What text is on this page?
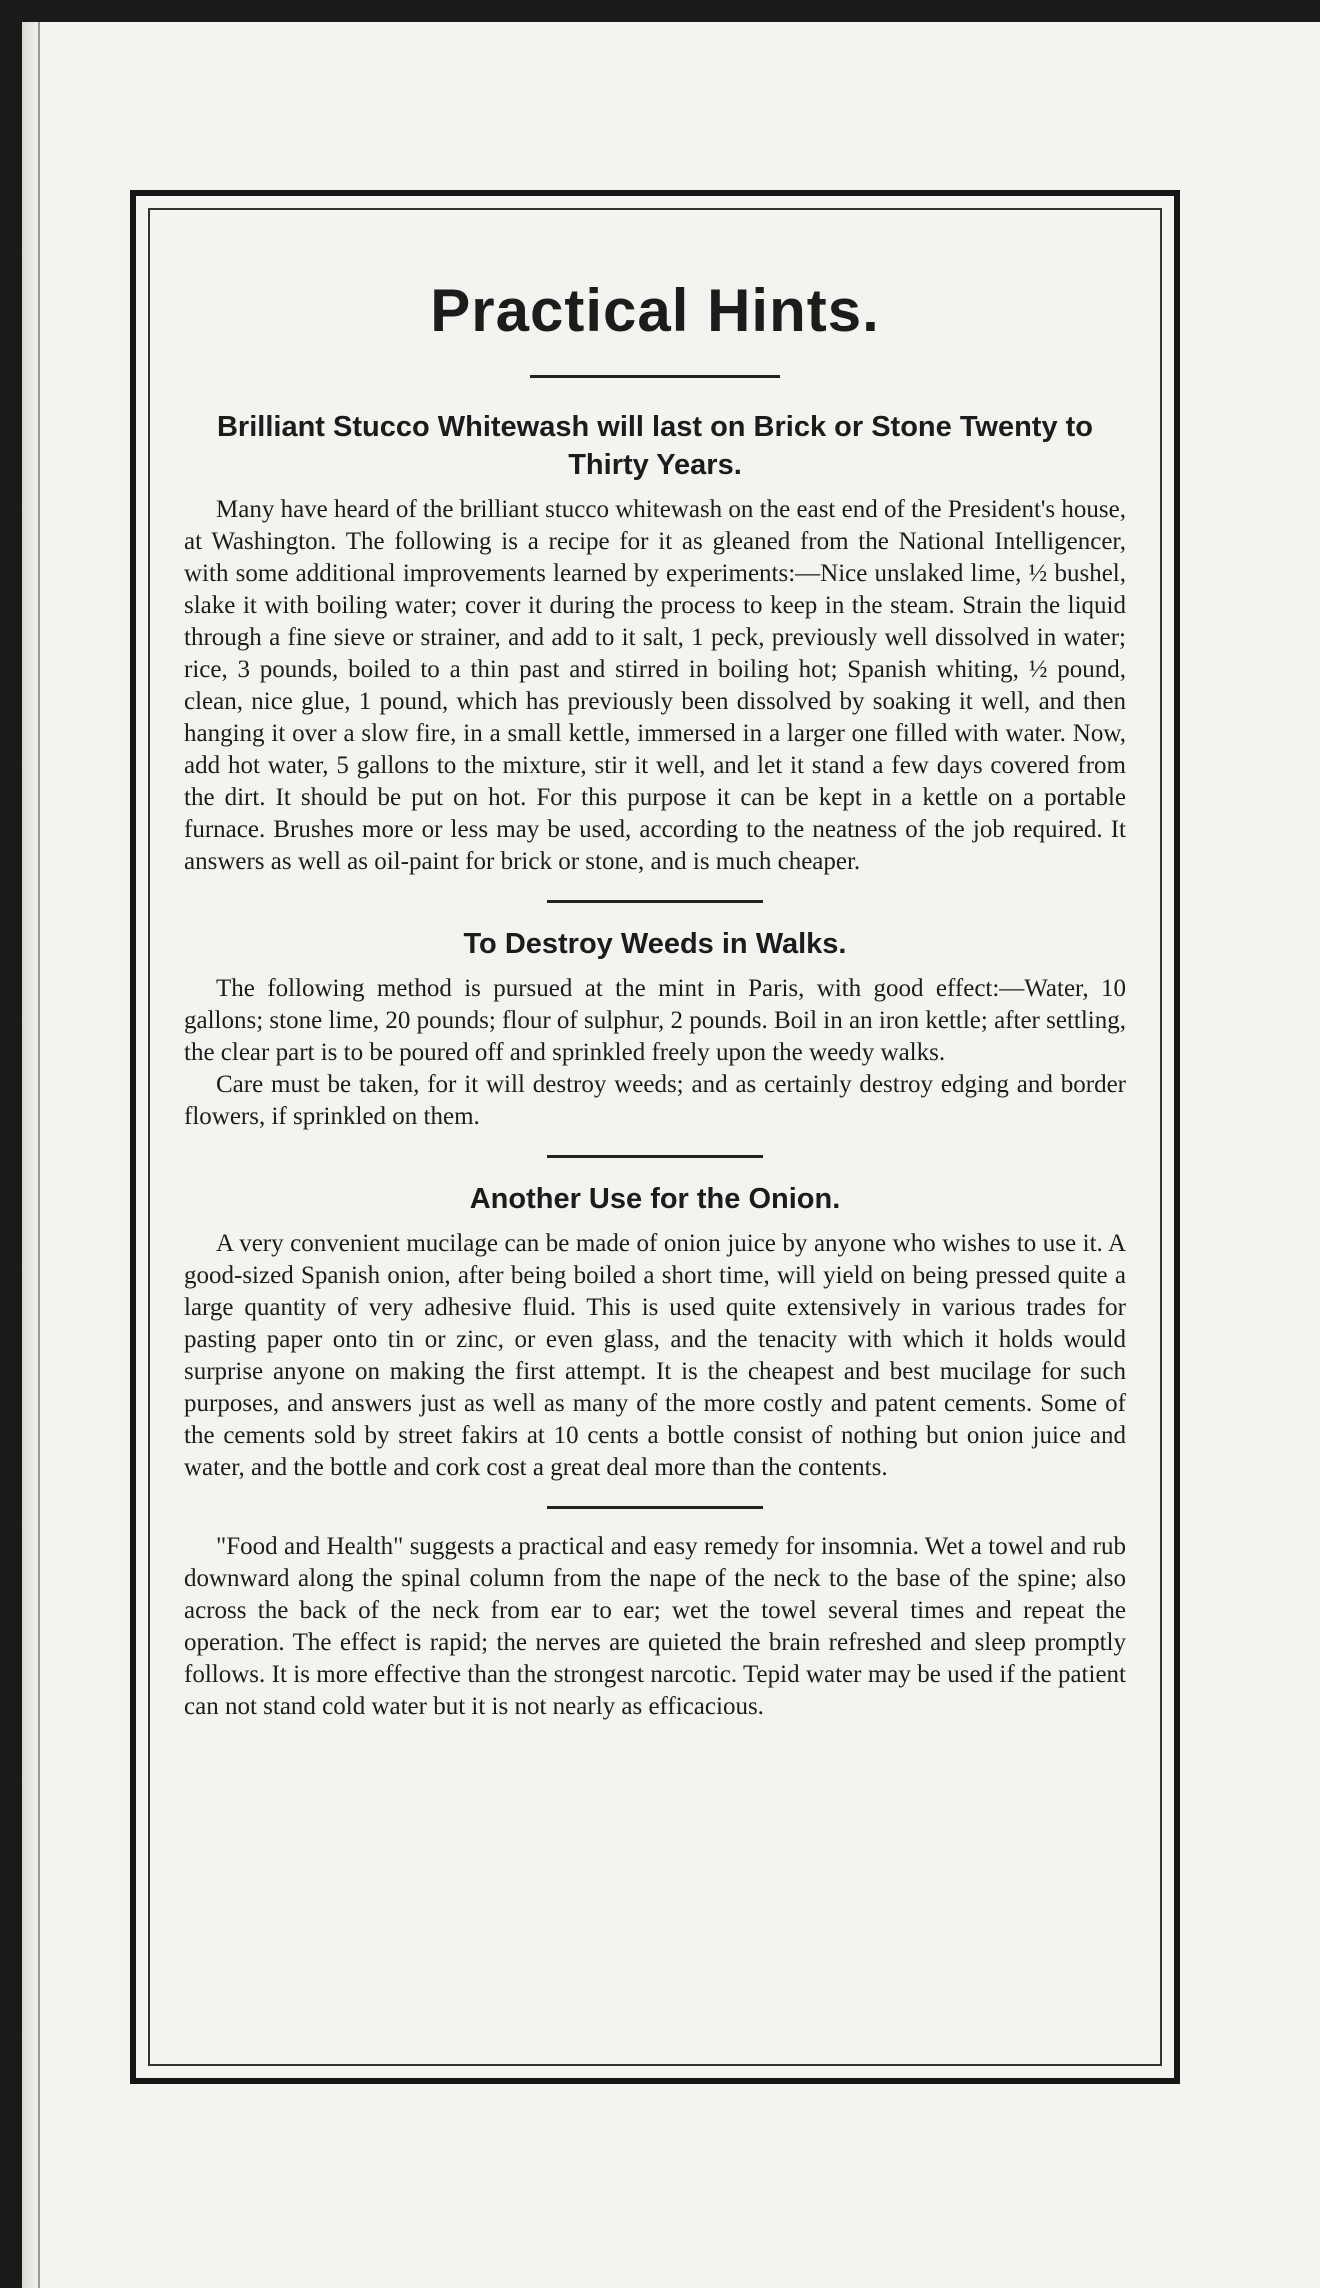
Practical Hints.
Brilliant Stucco Whitewash will last on Brick or Stone Twenty to Thirty Years.

Many have heard of the brilliant stucco whitewash on the east end of the President's house, at Washington. The following is a recipe for it as gleaned from the National Intelligencer, with some additional improvements learned by experiments:—Nice unslaked lime, ½ bushel, slake it with boiling water; cover it during the process to keep in the steam. Strain the liquid through a fine sieve or strainer, and add to it salt, 1 peck, previously well dissolved in water; rice, 3 pounds, boiled to a thin past and stirred in boiling hot; Spanish whiting, ½ pound, clean, nice glue, 1 pound, which has previously been dissolved by soaking it well, and then hanging it over a slow fire, in a small kettle, immersed in a larger one filled with water. Now, add hot water, 5 gallons to the mixture, stir it well, and let it stand a few days covered from the dirt. It should be put on hot. For this purpose it can be kept in a kettle on a portable furnace. Brushes more or less may be used, according to the neatness of the job required. It answers as well as oil-paint for brick or stone, and is much cheaper.

To Destroy Weeds in Walks.

The following method is pursued at the mint in Paris, with good effect:—Water, 10 gallons; stone lime, 20 pounds; flour of sulphur, 2 pounds. Boil in an iron kettle; after settling, the clear part is to be poured off and sprinkled freely upon the weedy walks.

Care must be taken, for it will destroy weeds; and as certainly destroy edging and border flowers, if sprinkled on them.

Another Use for the Onion.

A very convenient mucilage can be made of onion juice by anyone who wishes to use it. A good-sized Spanish onion, after being boiled a short time, will yield on being pressed quite a large quantity of very adhesive fluid. This is used quite extensively in various trades for pasting paper onto tin or zinc, or even glass, and the tenacity with which it holds would surprise anyone on making the first attempt. It is the cheapest and best mucilage for such purposes, and answers just as well as many of the more costly and patent cements. Some of the cements sold by street fakirs at 10 cents a bottle consist of nothing but onion juice and water, and the bottle and cork cost a great deal more than the contents.

"Food and Health" suggests a practical and easy remedy for insomnia. Wet a towel and rub downward along the spinal column from the nape of the neck to the base of the spine; also across the back of the neck from ear to ear; wet the towel several times and repeat the operation. The effect is rapid; the nerves are quieted the brain refreshed and sleep promptly follows. It is more effective than the strongest narcotic. Tepid water may be used if the patient can not stand cold water but it is not nearly as efficacious.
